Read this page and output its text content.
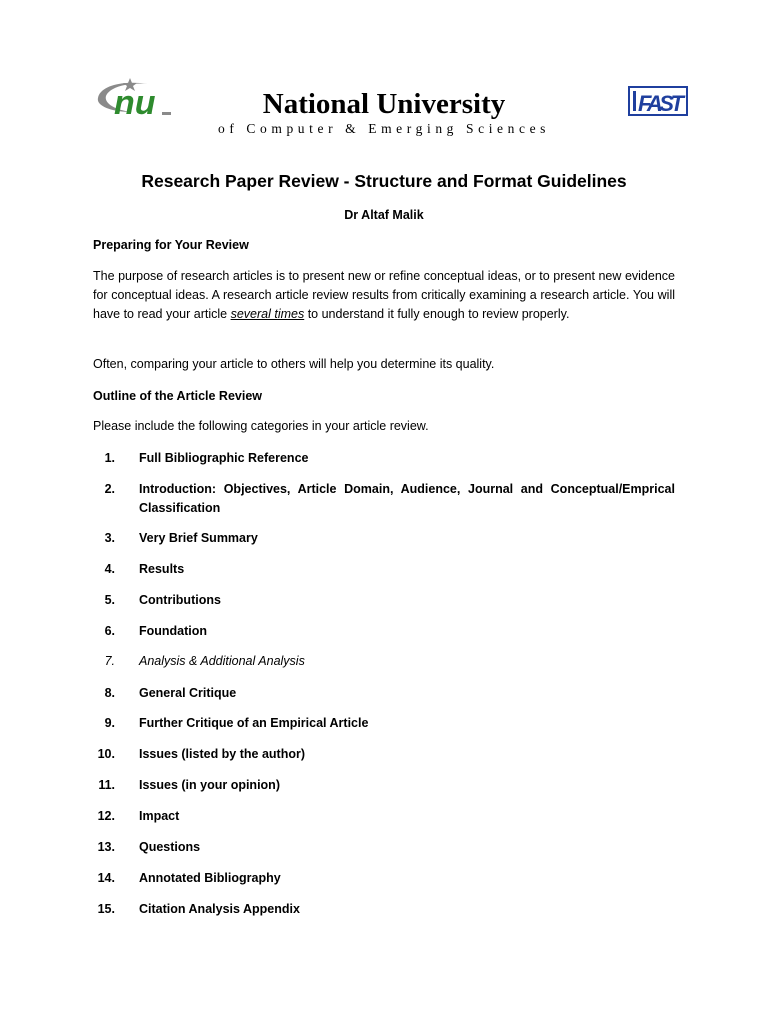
nu	National University
of Computer & Emerging Sciences
FAST
Research Paper Review - Structure and Format Guidelines
Dr Altaf Malik
Preparing for Your Review
The purpose of research articles is to present new or refine conceptual ideas, or to present new evidence for conceptual ideas. A research article review results from critically examining a research article. You will have to read your article several times to understand it fully enough to review properly.
Often, comparing your article to others will help you determine its quality.
Outline of the Article Review
Please include the following categories in your article review.
1. Full Bibliographic Reference
2. Introduction: Objectives, Article Domain, Audience, Journal and Conceptual/Emprical Classification
3. Very Brief Summary
4. Results
5. Contributions
6. Foundation
7. Analysis & Additional Analysis
8. General Critique
9. Further Critique of an Empirical Article
10. Issues (listed by the author)
11. Issues (in your opinion)
12. Impact
13. Questions
14. Annotated Bibliography
15. Citation Analysis Appendix
